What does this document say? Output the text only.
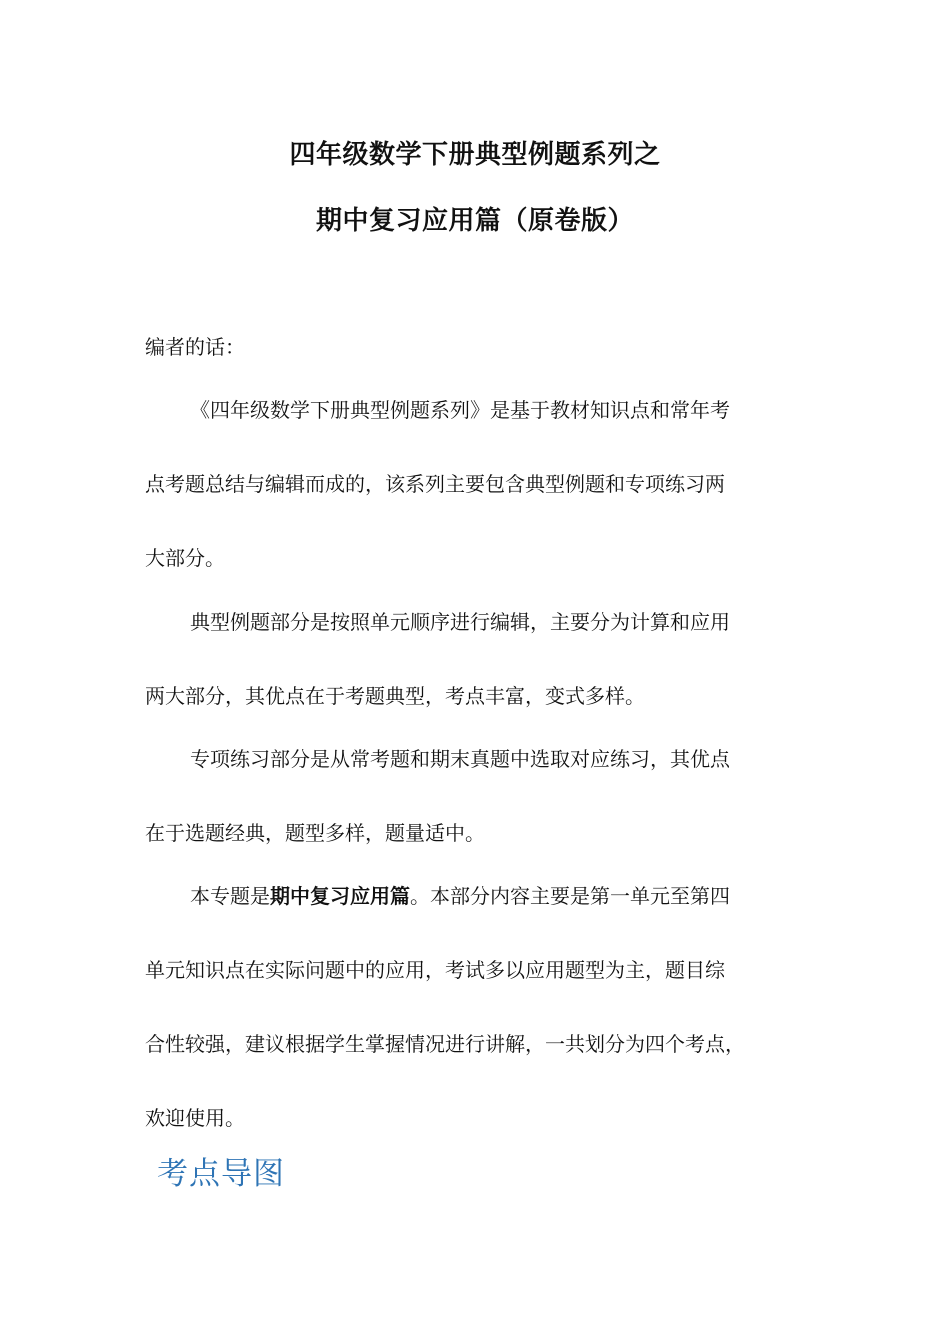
四年级数学下册典型例题系列之
期中复习应用篇（原卷版）
编者的话：
《四年级数学下册典型例题系列》是基于教材知识点和常年考
点考题总结与编辑而成的，该系列主要包含典型例题和专项练习两
大部分。
典型例题部分是按照单元顺序进行编辑，主要分为计算和应用
两大部分，其优点在于考题典型，考点丰富，变式多样。
专项练习部分是从常考题和期末真题中选取对应练习，其优点
在于选题经典，题型多样，题量适中。
本专题是期中复习应用篇。本部分内容主要是第一单元至第四
单元知识点在实际问题中的应用，考试多以应用题型为主，题目综
合性较强，建议根据学生掌握情况进行讲解，一共划分为四个考点，
欢迎使用。
考点导图
